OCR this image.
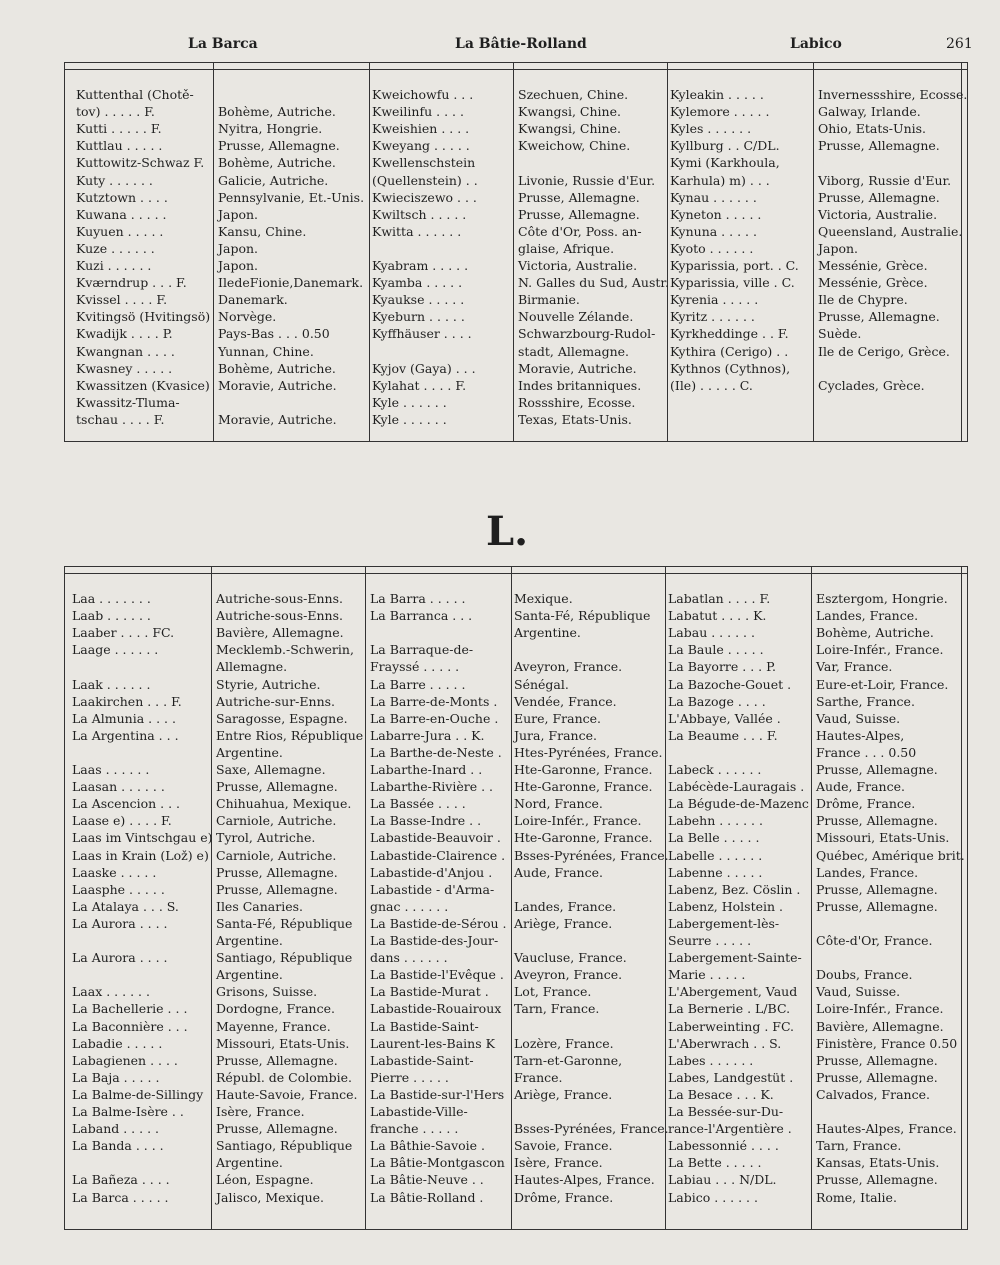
La Barca	La Bâtie-Rolland	Labico	261
L.
Kuttenthal (Chotě-
tov) . . . . . F.	Bohème, Autriche.
Kutti . . . . . F.	Nyitra, Hongrie.
Kuttlau . . . . .	Prusse, Allemagne.
Kuttowitz-Schwaz F.	Bohème, Autriche.
Kuty . . . . . .	Galicie, Autriche.
Kutztown . . . .	Pennsylvanie, Et.-Unis.
Kuwana . . . . .	Japon.
Kuyuen . . . . .	Kansu, Chine.
Kuze . . . . . .	Japon.
Kuzi . . . . . .	Japon.
Kværndrup . . . F.	IledeFionie,Danemark.
Kvissel . . . . F.	Danemark.
Kvitingsö (Hvitingsö) Norvège.
Kwadijk . . . . P.	Pays-Bas . . . 0.50
Kwangnan . . . .	Yunnan, Chine.
Kwasney . . . . .	Bohème, Autriche.
Kwassitzen (Kvasice) Moravie, Autriche.
Kwassitz-Tluma-
tschau . . . . F.	Moravie, Autriche.
Kweichowfu . . .	Szechuen, Chine.
Kweilinfu . . . .	Kwangsi, Chine.
Kweishien . . . .	Kwangsi, Chine.
Kweyang . . . . .	Kweichow, Chine.
Kwellenschstein
(Quellenstein) . .	Livonie, Russie d'Eur.
Kwieciszewo . . .	Prusse, Allemagne.
Kwiltsch . . . . .	Prusse, Allemagne.
Kwitta . . . . . .	Côte d'Or, Poss. an-
glaise, Afrique.
Kyabram . . . . .	Victoria, Australie.
Kyamba . . . . .	N. Galles du Sud, Austr.
Kyaukse . . . . .	Birmanie.
Kyeburn . . . . .	Nouvelle Zélande.
Kyffhäuser . . . .	Schwarzbourg-Rudol-
stadt, Allemagne.
Kyjov (Gaya) . . .	Moravie, Autriche.
Kylahat . . . . F.	Indes britanniques.
Kyle . . . . . .	Rossshire, Ecosse.
Kyle . . . . . .	Texas, Etats-Unis.
Kyleakin . . . . .	Invernessshire, Ecosse.
Kylemore . . . . .	Galway, Irlande.
Kyles . . . . . .	Ohio, Etats-Unis.
Kyllburg . . C/DL.	Prusse, Allemagne.
Kymi (Karkhoula,
Karhula) m) . . .	Viborg, Russie d'Eur.
Kynau . . . . . .	Prusse, Allemagne.
Kyneton . . . . .	Victoria, Australie.
Kynuna . . . . .	Queensland, Australie.
Kyoto . . . . . .	Japon.
Kyparissia, port. . C.	Messénie, Grèce.
Kyparissia, ville . C.	Messénie, Grèce.
Kyrenia . . . . .	Ile de Chypre.
Kyritz . . . . . .	Prusse, Allemagne.
Kyrkheddinge . . F.	Suède.
Kythira (Cerigo) . .	Ile de Cerigo, Grèce.
Kythnos (Cythnos),
(Ile) . . . . . C.	Cyclades, Grèce.
Laa . . . . . . .	Autriche-sous-Enns.
Laab . . . . . .	Autriche-sous-Enns.
Laaber . . . . FC.	Bavière, Allemagne.
Laage . . . . . .	Mecklemb.-Schwerin,
Allemagne.
Laak . . . . . .	Styrie, Autriche.
Laakirchen . . . F.	Autriche-sur-Enns.
La Almunia . . . .	Saragosse, Espagne.
La Argentina . . .	Entre Rios, République
Argentine.
Laas . . . . . .	Saxe, Allemagne.
Laasan . . . . . .	Prusse, Allemagne.
La Ascencion . . .	Chihuahua, Mexique.
Laase e) . . . . F.	Carniole, Autriche.
Laas im Vintschgau e) Tyrol, Autriche.
Laas in Krain (Lož) e) Carniole, Autriche.
Laaske . . . . .	Prusse, Allemagne.
Laasphe . . . . .	Prusse, Allemagne.
La Atalaya . . . S.	Iles Canaries.
La Aurora . . . .	Santa-Fé, République
Argentine.
La Aurora . . . .	Santiago, République
Argentine.
Laax . . . . . .	Grisons, Suisse.
La Bachellerie . . .	Dordogne, France.
La Baconnière . . .	Mayenne, France.
Labadie . . . . .	Missouri, Etats-Unis.
Labagienen . . . .	Prusse, Allemagne.
La Baja . . . . .	Républ. de Colombie.
La Balme-de-Sillingy	Haute-Savoie, France.
La Balme-Isère . .	Isère, France.
Laband . . . . .	Prusse, Allemagne.
La Banda . . . .	Santiago, République
Argentine.
La Bañeza . . . .	Léon, Espagne.
La Barca . . . . .	Jalisco, Mexique.
La Barra . . . . .	Mexique.
La Barranca . . .	Santa-Fé, République
Argentine.
La Barraque-de-
Frayssé . . . . .	Aveyron, France.
La Barre . . . . .	Sénégal.
La Barre-de-Monts .	Vendée, France.
La Barre-en-Ouche .	Eure, France.
Labarre-Jura . . K.	Jura, France.
La Barthe-de-Neste . Htes-Pyrénées, France.
Labarthe-Inard . .	Hte-Garonne, France.
Labarthe-Rivière . .	Hte-Garonne, France.
La Bassée . . . .	Nord, France.
La Basse-Indre . .	Loire-Infér., France.
Labastide-Beauvoir .	Hte-Garonne, France.
Labastide-Clairence . Bsses-Pyrénées, France.
Labastide-d'Anjou .	Aude, France.
Labastide - d'Arma-
gnac . . . . . .	Landes, France.
La Bastide-de-Sérou . Ariège, France.
La Bastide-des-Jour-
dans . . . . . .	Vaucluse, France.
La Bastide-l'Evêque . Aveyron, France.
La Bastide-Murat .	Lot, France.
Labastide-Rouairoux	Tarn, France.
La Bastide-Saint-
Laurent-les-Bains K	Lozère, France.
Labastide-Saint-	Tarn-et-Garonne,
Pierre . . . . .	France.
La Bastide-sur-l'Hers Ariège, France.
Labastide-Ville-
franche . . . . .	Bsses-Pyrénées, France.
La Bâthie-Savoie .	Savoie, France.
La Bâtie-Montgascon Isère, France.
La Bâtie-Neuve . .	Hautes-Alpes, France.
La Bâtie-Rolland .	Drôme, France.
Labatlan . . . . F.	Esztergom, Hongrie.
Labatut . . . . K.	Landes, France.
Labau . . . . . .	Bohème, Autriche.
La Baule . . . . .	Loire-Infér., France.
La Bayorre . . . P.	Var, France.
La Bazoche-Gouet .	Eure-et-Loir, France.
La Bazoge . . . .	Sarthe, France.
L'Abbaye, Vallée .	Vaud, Suisse.
La Beaume . . . F.	Hautes-Alpes,
France . . . 0.50
Labeck . . . . . .	Prusse, Allemagne.
Labécède-Lauragais . Aude, France.
La Bégude-de-Mazenc Drôme, France.
Labehn . . . . . .	Prusse, Allemagne.
La Belle . . . . .	Missouri, Etats-Unis.
Labelle . . . . . .	Québec, Amérique brit.
Labenne . . . . .	Landes, France.
Labenz, Bez. Cöslin .	Prusse, Allemagne.
Labenz, Holstein .	Prusse, Allemagne.
Labergement-lès-
Seurre . . . . .	Côte-d'Or, France.
Labergement-Sainte-
Marie . . . . .	Doubs, France.
L'Abergement, Vaud	Vaud, Suisse.
La Bernerie . L/BC.	Loire-Infér., France.
Laberweinting . FC.	Bavière, Allemagne.
L'Aberwrach . . S.	Finistère, France 0.50
Labes . . . . . .	Prusse, Allemagne.
Labes, Landgestüt .	Prusse, Allemagne.
La Besace . . . K.	Calvados, France.
La Bessée-sur-Du-
rance-l'Argentière .	Hautes-Alpes, France.
Labessonnié . . . .	Tarn, France.
La Bette . . . . .	Kansas, Etats-Unis.
Labiau . . . N/DL.	Prusse, Allemagne.
Labico . . . . . .	Rome, Italie.
